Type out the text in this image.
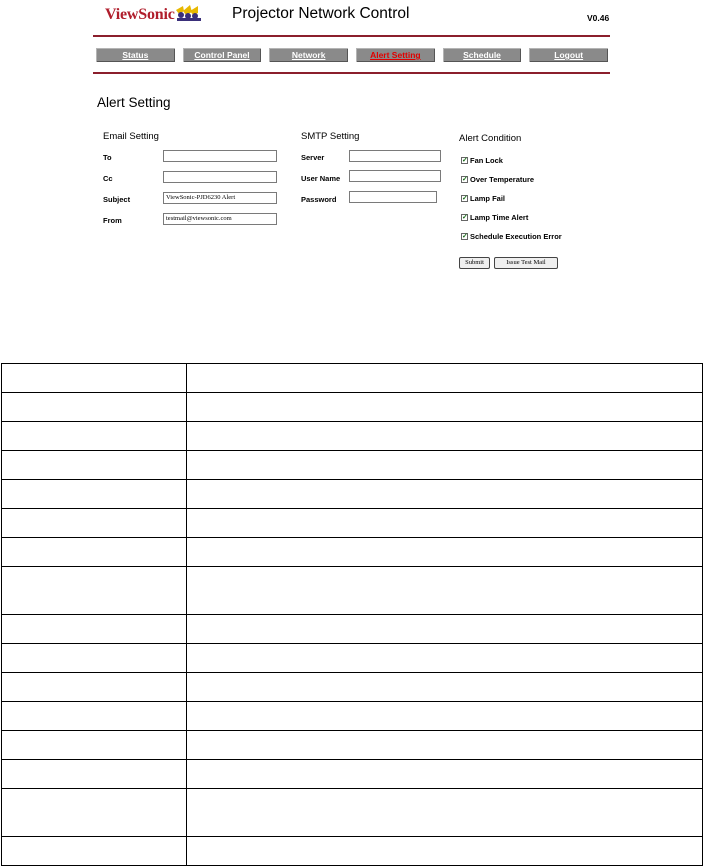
ViewSonic	Projector Network Control	V0.46
Status	Control Panel	Network	Alert Setting	Schedule	Logout
Alert Setting
Email Setting
To
Cc
Subject	ViewSonic-PJD6230 Alert
From	testmail@viewsonic.com
SMTP Setting
Server
User Name
Password
Alert Condition
✓ Fan Lock
✓ Over Temperature
✓ Lamp Fail
✓ Lamp Time Alert
✓ Schedule Execution Error
Submit	Issue Test Mail
